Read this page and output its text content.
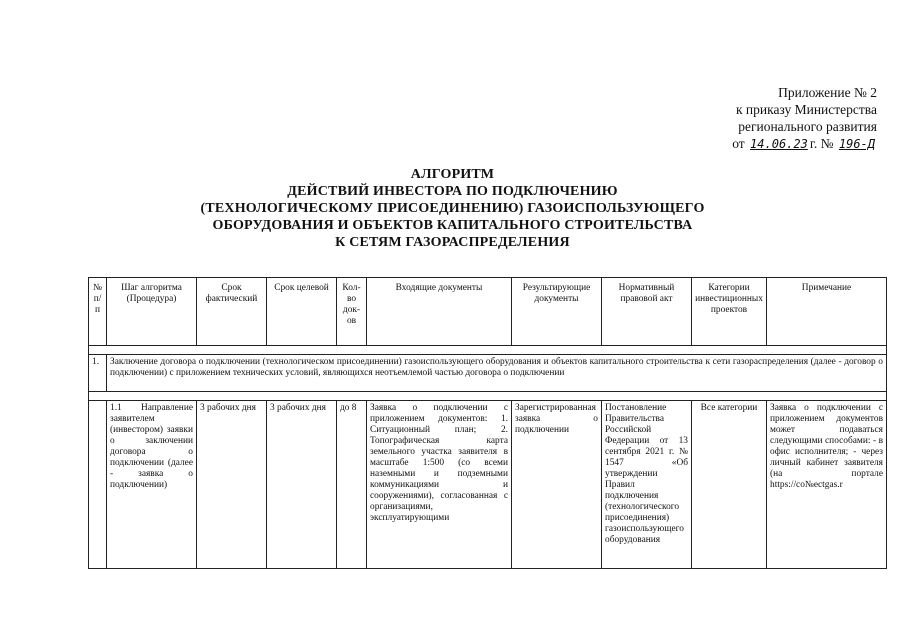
Приложение № 2
к приказу Министерства
регионального развития
от 14.06.23 г. № 196-Д
АЛГОРИТМ
ДЕЙСТВИЙ ИНВЕСТОРА ПО ПОДКЛЮЧЕНИЮ
(ТЕХНОЛОГИЧЕСКОМУ ПРИСОЕДИНЕНИЮ) ГАЗОИСПОЛЬЗУЮЩЕГО
ОБОРУДОВАНИЯ И ОБЪЕКТОВ КАПИТАЛЬНОГО СТРОИТЕЛЬСТВА
К СЕТЯМ ГАЗОРАСПРЕДЕЛЕНИЯ
№ п/п	Шаг алгоритма (Процедура)	Срок фактический	Срок целевой	Кол-во док-ов	Входящие документы	Результирующие документы	Нормативный правовой акт	Категории инвестиционных проектов	Примечание

1.	Заключение договора о подключении (технологическом присоединении) газоиспользующего оборудования и объектов капитального строительства к сети газораспределения (далее - договор о подключении) с приложением технических условий, являющихся неотъемлемой частью договора о подключении								

	1.1 Направление заявителем (инвестором) заявки о заключении договора о подключении (далее - заявка о подключении)	3 рабочих дня	3 рабочих дня	до 8	Заявка о подключении с приложением документов: 1. Ситуационный план; 2. Топографическая карта земельного участка заявителя в масштабе 1:500 (со всеми наземными и подземными коммуникациями и сооружениями), согласованная с организациями, эксплуатирующими	Зарегистрированная заявка о подключении	Постановление Правительства Российской Федерации от 13 сентября 2021 г. № 1547 «Об утверждении Правил подключения (технологического присоединения) газоиспользующего оборудования	Все категории	Заявка о подключении с приложением документов может подаваться следующими способами: - в офис исполнителя; - через личный кабинет заявителя (на портале https://co№ectgas.r
